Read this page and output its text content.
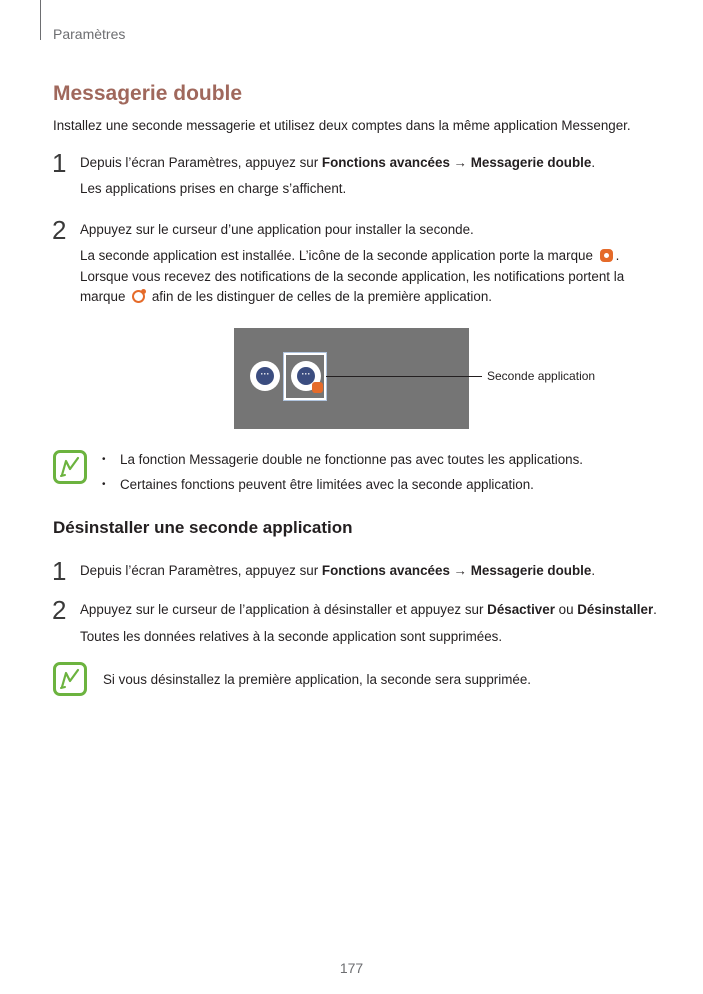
Paramètres
Messagerie double
Installez une seconde messagerie et utilisez deux comptes dans la même application Messenger.
1 Depuis l’écran Paramètres, appuyez sur Fonctions avancées → Messagerie double.
Les applications prises en charge s’affichent.
2 Appuyez sur le curseur d’une application pour installer la seconde.
La seconde application est installée. L’icône de la seconde application porte la marque .
Lorsque vous recevez des notifications de la seconde application, les notifications portent la
marque  afin de les distinguer de celles de la première application.
···	···	Seconde application
• La fonction Messagerie double ne fonctionne pas avec toutes les applications.
• Certaines fonctions peuvent être limitées avec la seconde application.
Désinstaller une seconde application
1 Depuis l’écran Paramètres, appuyez sur Fonctions avancées → Messagerie double.
2 Appuyez sur le curseur de l’application à désinstaller et appuyez sur Désactiver ou Désinstaller.
Toutes les données relatives à la seconde application sont supprimées.
Si vous désinstallez la première application, la seconde sera supprimée.
177
